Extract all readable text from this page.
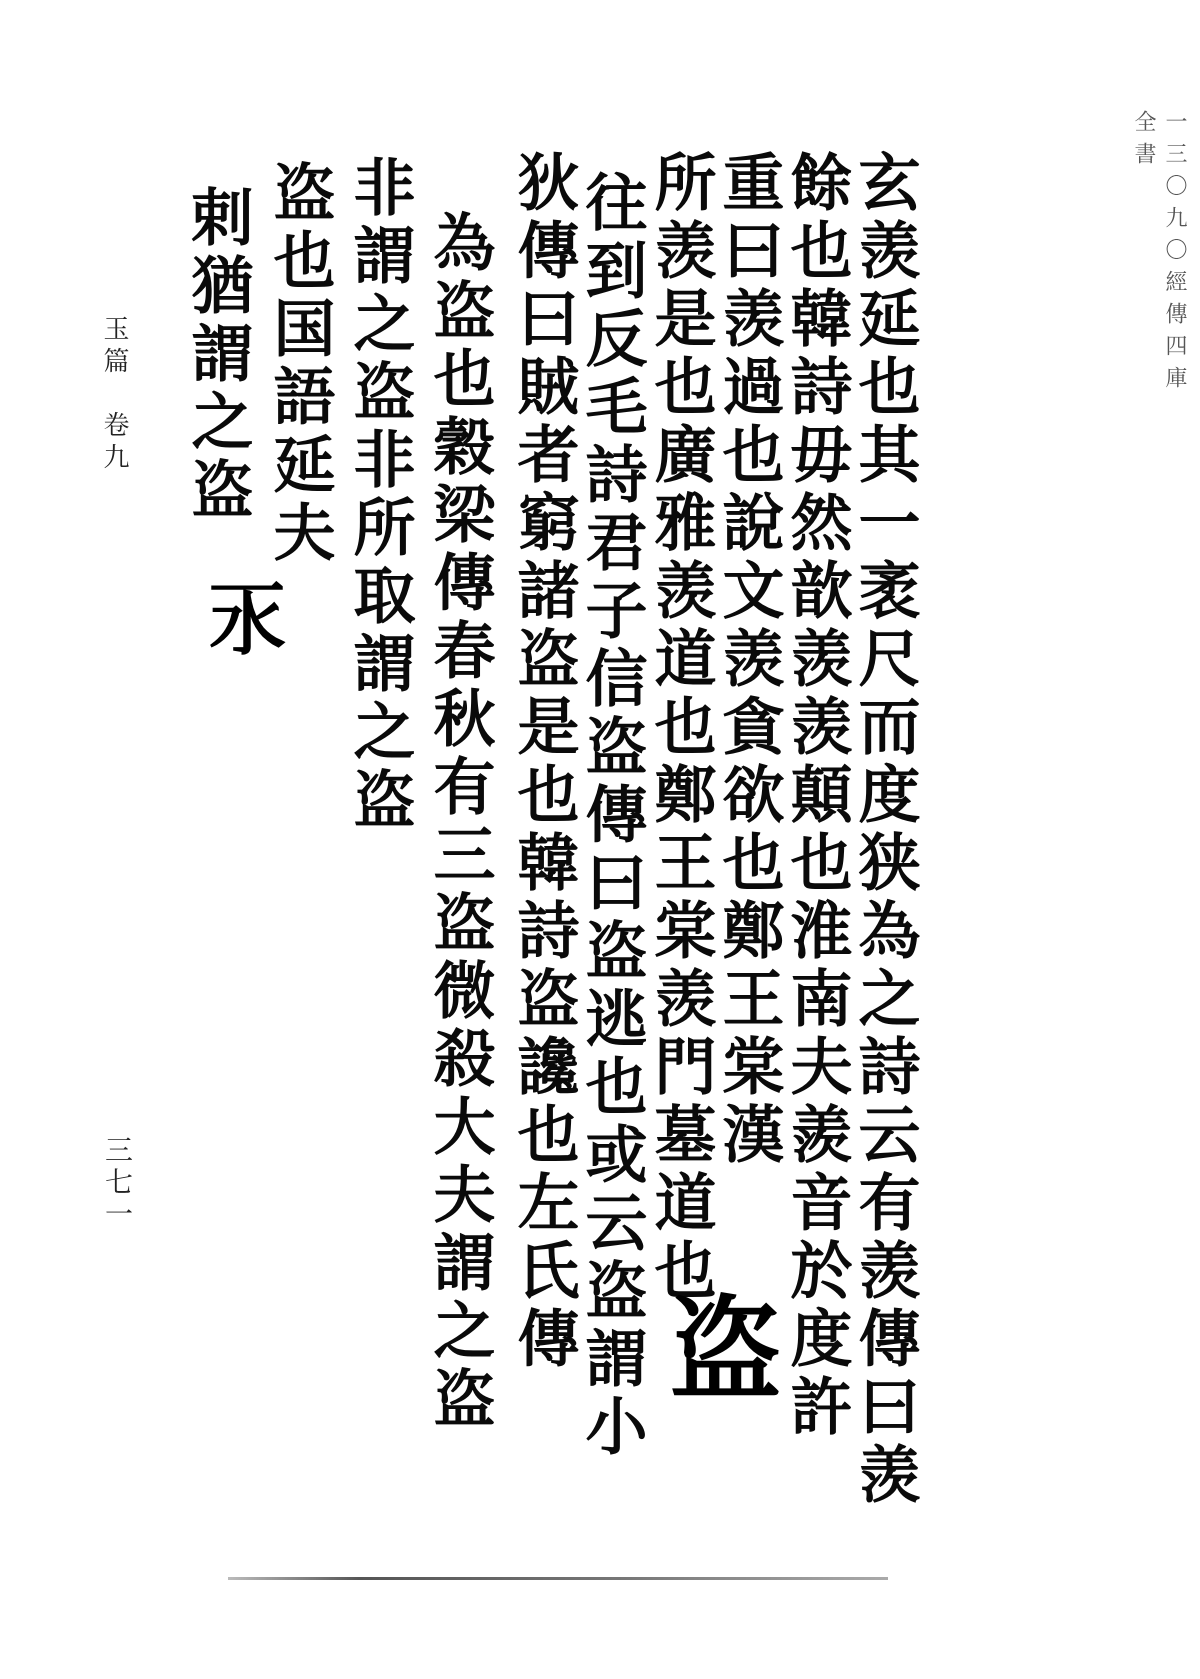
一三〇九〇經傳四庫全書
玄羡延也其一袤尺而度狭為之詩云有羡傳曰羡
餘也韓詩毋然歆羡羡顛也淮南夫羨音於度許
重曰羡過也說文羡貪欲也鄭王棠漢
所羡是也廣雅羡道也鄭王棠羡門墓道也
盗
往到反毛詩君子信盗傳曰盗逃也或云盗謂小
狄傳曰賊者窮諸盗是也韓詩盗讒也左氏傳
為盗也穀梁傳春秋有三盗微殺大夫謂之盗
非謂之盗非所取謂之盗
盗也国語延夫
𣱳
剌猶謂之盗
玉篇　卷九
三七一
